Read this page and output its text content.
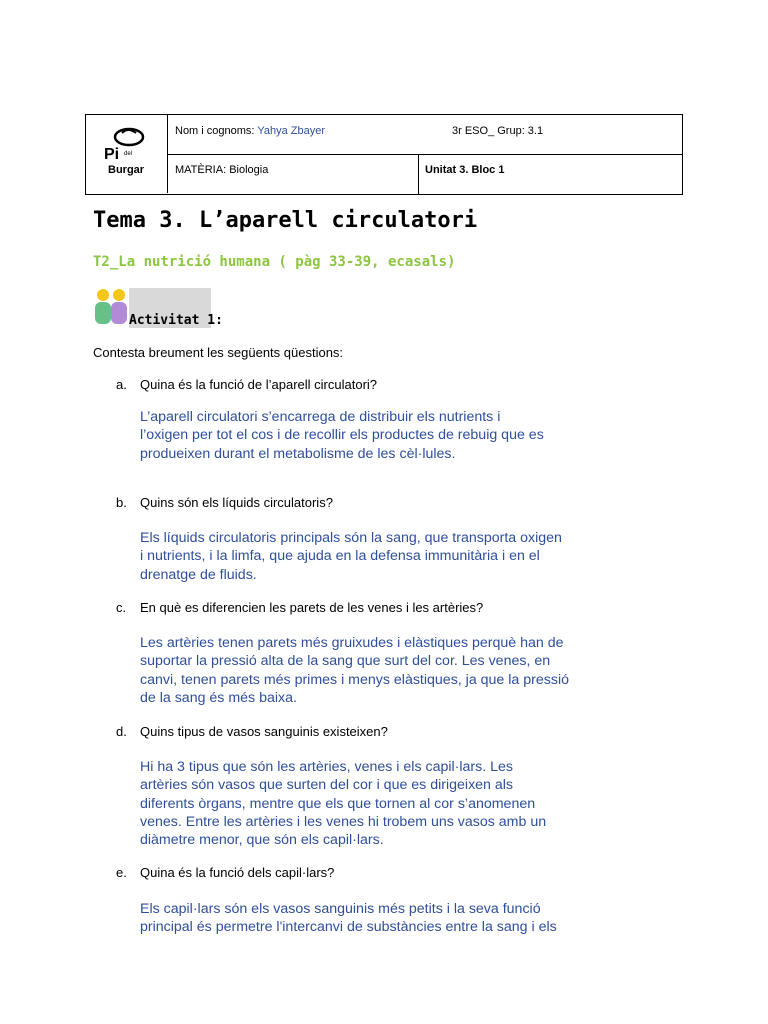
Pi del
Burgar
Nom i cognoms: Yahya Zbayer	3r ESO_ Grup: 3.1
MATÈRIA: Biologia	Unitat 3. Bloc 1
Tema 3. L’aparell circulatori
T2_La nutrició humana ( pàg 33-39, ecasals)
Activitat 1:
Contesta breument les següents qüestions:
a. Quina és la funció de l’aparell circulatori?
L’aparell circulatori s’encarrega de distribuir els nutrients i
l’oxigen per tot el cos i de recollir els productes de rebuig que es
produeixen durant el metabolisme de les cèl·lules.
b. Quins són els líquids circulatoris?
Els líquids circulatoris principals són la sang, que transporta oxigen
i nutrients, i la limfa, que ajuda en la defensa immunitària i en el
drenatge de fluids.
c. En què es diferencien les parets de les venes i les artèries?
Les artèries tenen parets més gruixudes i elàstiques perquè han de
suportar la pressió alta de la sang que surt del cor. Les venes, en
canvi, tenen parets més primes i menys elàstiques, ja que la pressió
de la sang és més baixa.
d. Quins tipus de vasos sanguinis existeixen?
Hi ha 3 tipus que són les artèries, venes i els capil·lars. Les
artèries són vasos que surten del cor i que es dirigeixen als
diferents òrgans, mentre que els que tornen al cor s’anomenen
venes. Entre les artèries i les venes hi trobem uns vasos amb un
diàmetre menor, que són els capil·lars.
e. Quina és la funció dels capil·lars?
Els capil·lars són els vasos sanguinis més petits i la seva funció
principal és permetre l'intercanvi de substàncies entre la sang i els
